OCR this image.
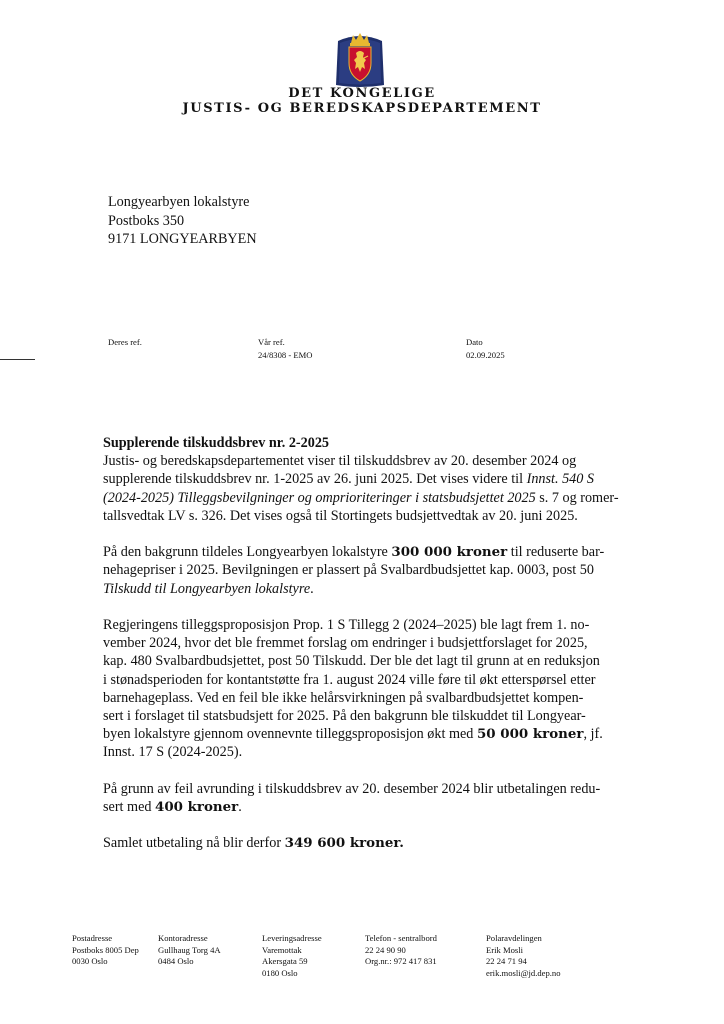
DET KONGELIGE
JUSTIS- OG BEREDSKAPSDEPARTEMENT
Longyearbyen lokalstyre
Postboks 350
9171 LONGYEARBYEN
Deres ref.	Vår ref.
24/8308 - EMO
Dato
02.09.2025

Supplerende tilskuddsbrev nr. 2-2025
Justis- og beredskapsdepartementet viser til tilskuddsbrev av 20. desember 2024 og
supplerende tilskuddsbrev nr. 1-2025 av 26. juni 2025. Det vises videre til Innst. 540 S
(2024-2025) Tilleggsbevilgninger og omprioriteringer i statsbudsjettet 2025 s. 7 og romer-
tallsvedtak LV s. 326. Det vises også til Stortingets budsjettvedtak av 20. juni 2025.

På den bakgrunn tildeles Longyearbyen lokalstyre 300 000 kroner til reduserte bar-
nehagepriser i 2025. Bevilgningen er plassert på Svalbardbudsjettet kap. 0003, post 50
Tilskudd til Longyearbyen lokalstyre.

Regjeringens tilleggsproposisjon Prop. 1 S Tillegg 2 (2024–2025) ble lagt frem 1. no-
vember 2024, hvor det ble fremmet forslag om endringer i budsjettforslaget for 2025,
kap. 480 Svalbardbudsjettet, post 50 Tilskudd. Der ble det lagt til grunn at en reduksjon
i stønadsperioden for kontantstøtte fra 1. august 2024 ville føre til økt etterspørsel etter
barnehageplass. Ved en feil ble ikke helårsvirkningen på svalbardbudsjettet kompen-
sert i forslaget til statsbudsjett for 2025. På den bakgrunn ble tilskuddet til Longyear-
byen lokalstyre gjennom ovennevnte tilleggsproposisjon økt med 50 000 kroner, jf.
Innst. 17 S (2024-2025).

På grunn av feil avrunding i tilskuddsbrev av 20. desember 2024 blir utbetalingen redu-
sert med 400 kroner.

Samlet utbetaling nå blir derfor 349 600 kroner.

Postadresse
Postboks 8005 Dep
0030 Oslo
Kontoradresse
Gullhaug Torg 4A
0484 Oslo
Leveringsadresse
Varemottak
Akersgata 59
0180 Oslo
Telefon - sentralbord
22 24 90 90
Org.nr.: 972 417 831
Polaravdelingen
Erik Mosli
22 24 71 94
erik.mosli@jd.dep.no
